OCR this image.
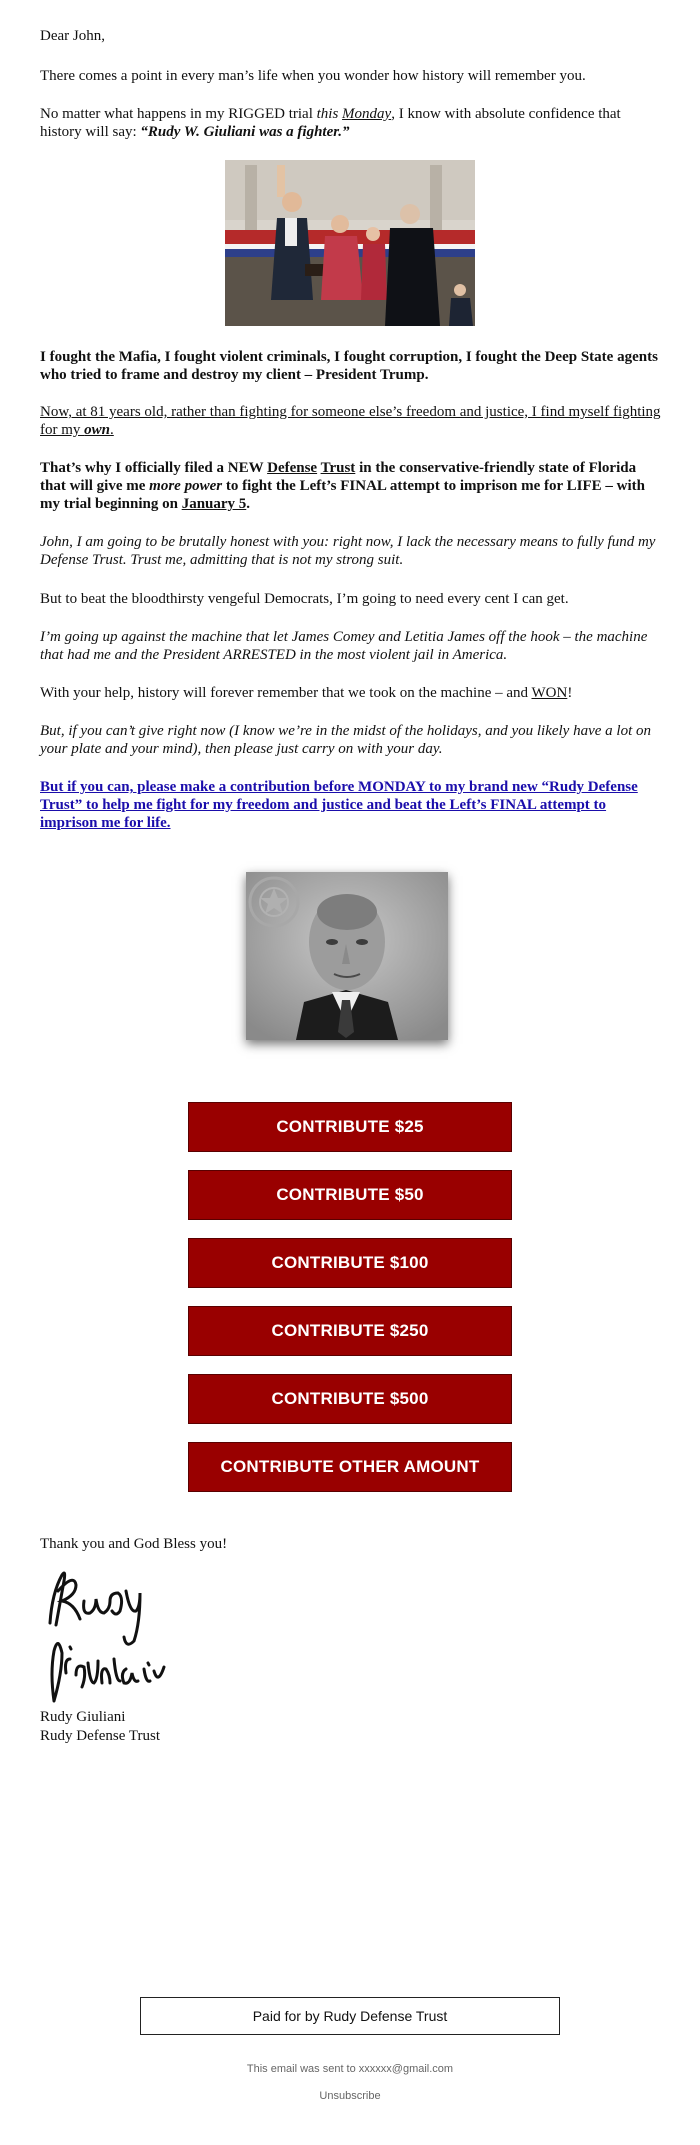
Dear John,

There comes a point in every man’s life when you wonder how history will remember you.

No matter what happens in my RIGGED trial this Monday, I know with absolute confidence that history will say: “Rudy W. Giuliani was a fighter.”

I fought the Mafia, I fought violent criminals, I fought corruption, I fought the Deep State agents who tried to frame and destroy my client – President Trump.

Now, at 81 years old, rather than fighting for someone else’s freedom and justice, I find myself fighting for my own.

That’s why I officially filed a NEW Defense Trust in the conservative-friendly state of Florida that will give me more power to fight the Left’s FINAL attempt to imprison me for LIFE – with my trial beginning on January 5.

John, I am going to be brutally honest with you: right now, I lack the necessary means to fully fund my Defense Trust. Trust me, admitting that is not my strong suit.

But to beat the bloodthirsty vengeful Democrats, I’m going to need every cent I can get.

I’m going up against the machine that let James Comey and Letitia James off the hook – the machine that had me and the President ARRESTED in the most violent jail in America.

With your help, history will forever remember that we took on the machine – and WON!

But, if you can’t give right now (I know we’re in the midst of the holidays, and you likely have a lot on your plate and your mind), then please just carry on with your day.

But if you can, please make a contribution before MONDAY to my brand new “Rudy Defense Trust” to help me fight for my freedom and justice and beat the Left’s FINAL attempt to imprison me for life.

CONTRIBUTE $25
CONTRIBUTE $50
CONTRIBUTE $100
CONTRIBUTE $250
CONTRIBUTE $500
CONTRIBUTE OTHER AMOUNT

Thank you and God Bless you!

Rudy Giuliani
Rudy Defense Trust

Paid for by Rudy Defense Trust
This email was sent to xxxxxx@gmail.com
Unsubscribe
